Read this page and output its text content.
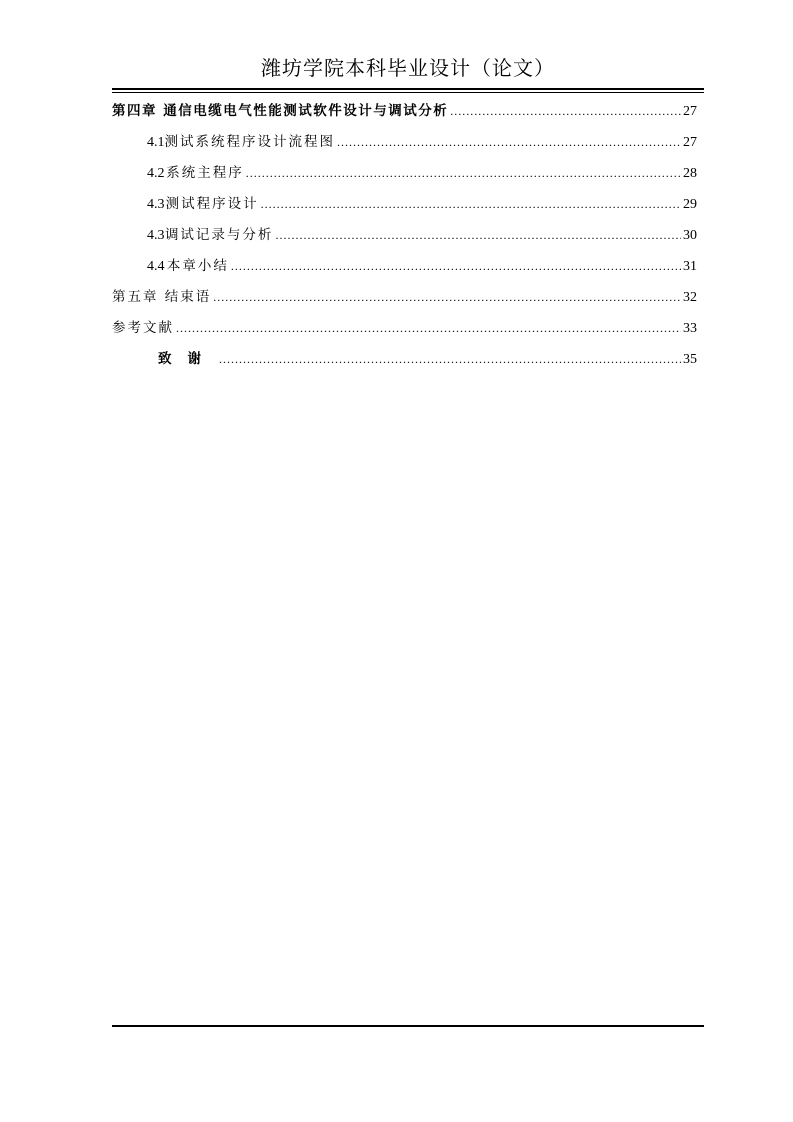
潍坊学院本科毕业设计（论文）
第四章 通信电缆电气性能测试软件设计与调试分析 .....	27
4.1 测试系统程序设计流程图 .....	27
4.2 系统主程序 .....	28
4.3 测试程序设计 .....	29
4.3 调试记录与分析 .....	30
4.4 本章小结 .....	31
第五章 结束语 .....	32
参考文献 .....	33
致谢 .....	35
